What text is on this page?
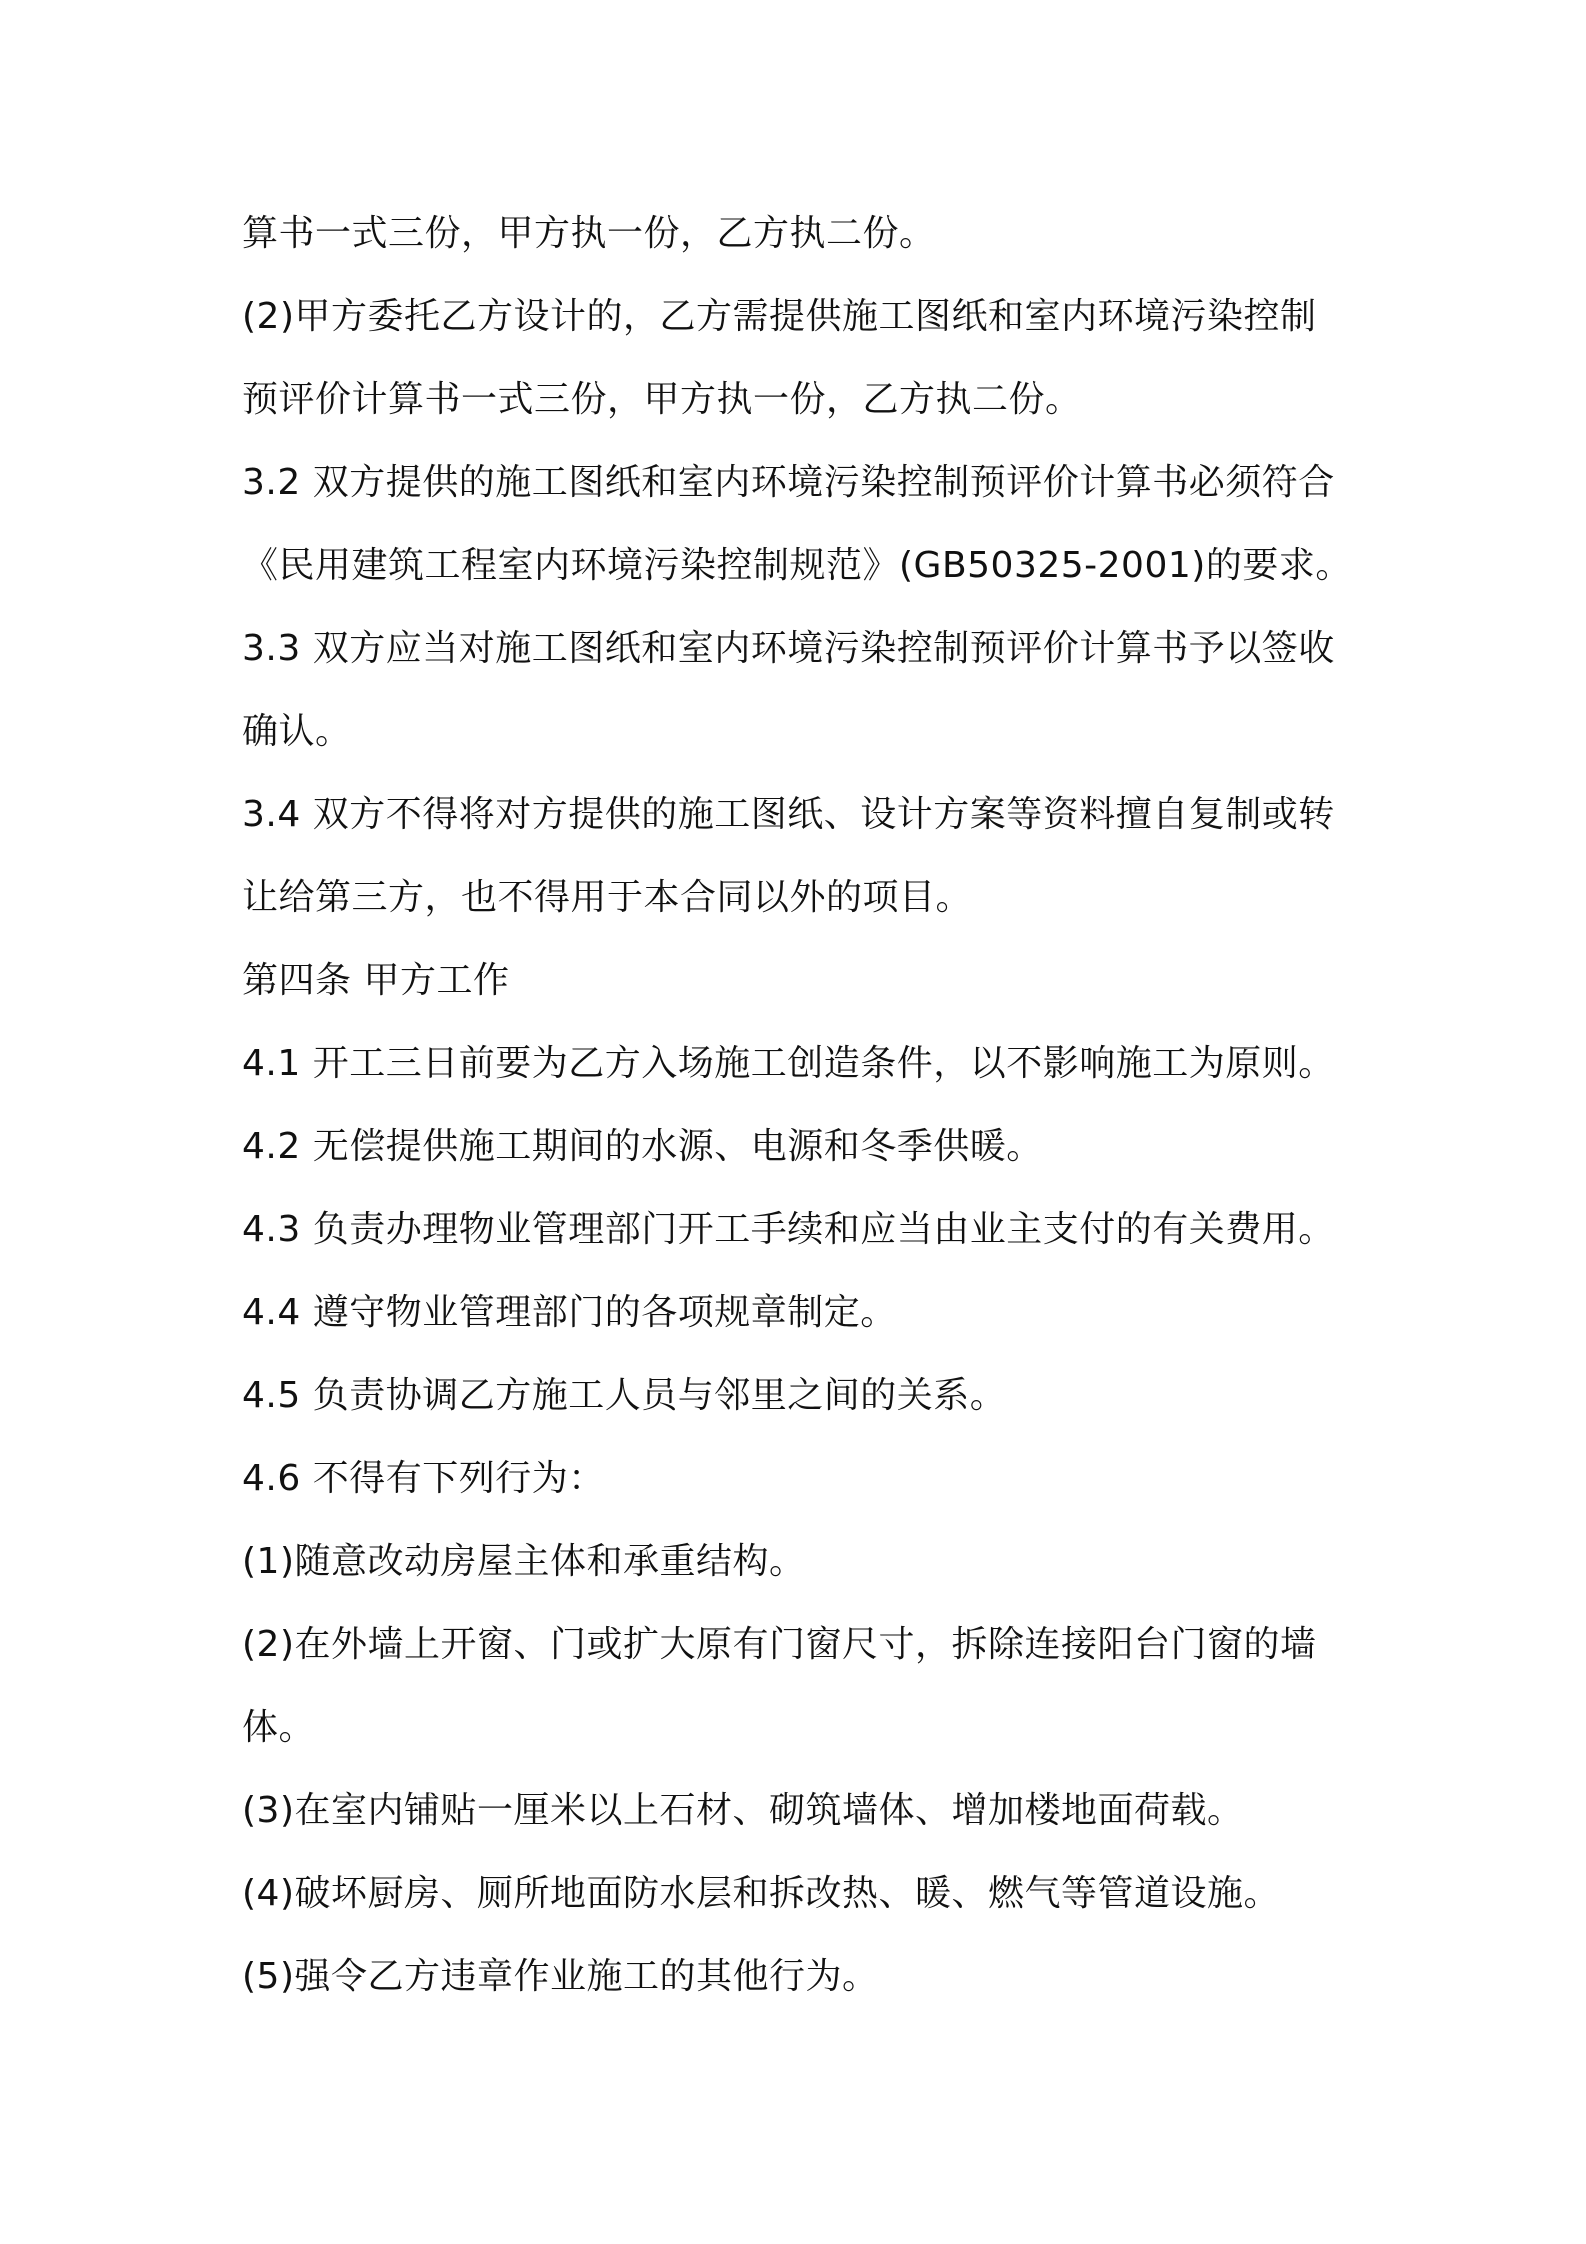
算书一式三份，甲方执一份，乙方执二份。
(2)甲方委托乙方设计的，乙方需提供施工图纸和室内环境污染控制
预评价计算书一式三份，甲方执一份，乙方执二份。
3.2 双方提供的施工图纸和室内环境污染控制预评价计算书必须符合
《民用建筑工程室内环境污染控制规范》(GB50325-2001)的要求。
3.3 双方应当对施工图纸和室内环境污染控制预评价计算书予以签收
确认。
3.4 双方不得将对方提供的施工图纸、设计方案等资料擅自复制或转
让给第三方，也不得用于本合同以外的项目。
第四条 甲方工作
4.1 开工三日前要为乙方入场施工创造条件，以不影响施工为原则。
4.2 无偿提供施工期间的水源、电源和冬季供暖。
4.3 负责办理物业管理部门开工手续和应当由业主支付的有关费用。
4.4 遵守物业管理部门的各项规章制定。
4.5 负责协调乙方施工人员与邻里之间的关系。
4.6 不得有下列行为：
(1)随意改动房屋主体和承重结构。
(2)在外墙上开窗、门或扩大原有门窗尺寸，拆除连接阳台门窗的墙
体。
(3)在室内铺贴一厘米以上石材、砌筑墙体、增加楼地面荷载。
(4)破坏厨房、厕所地面防水层和拆改热、暖、燃气等管道设施。
(5)强令乙方违章作业施工的其他行为。
